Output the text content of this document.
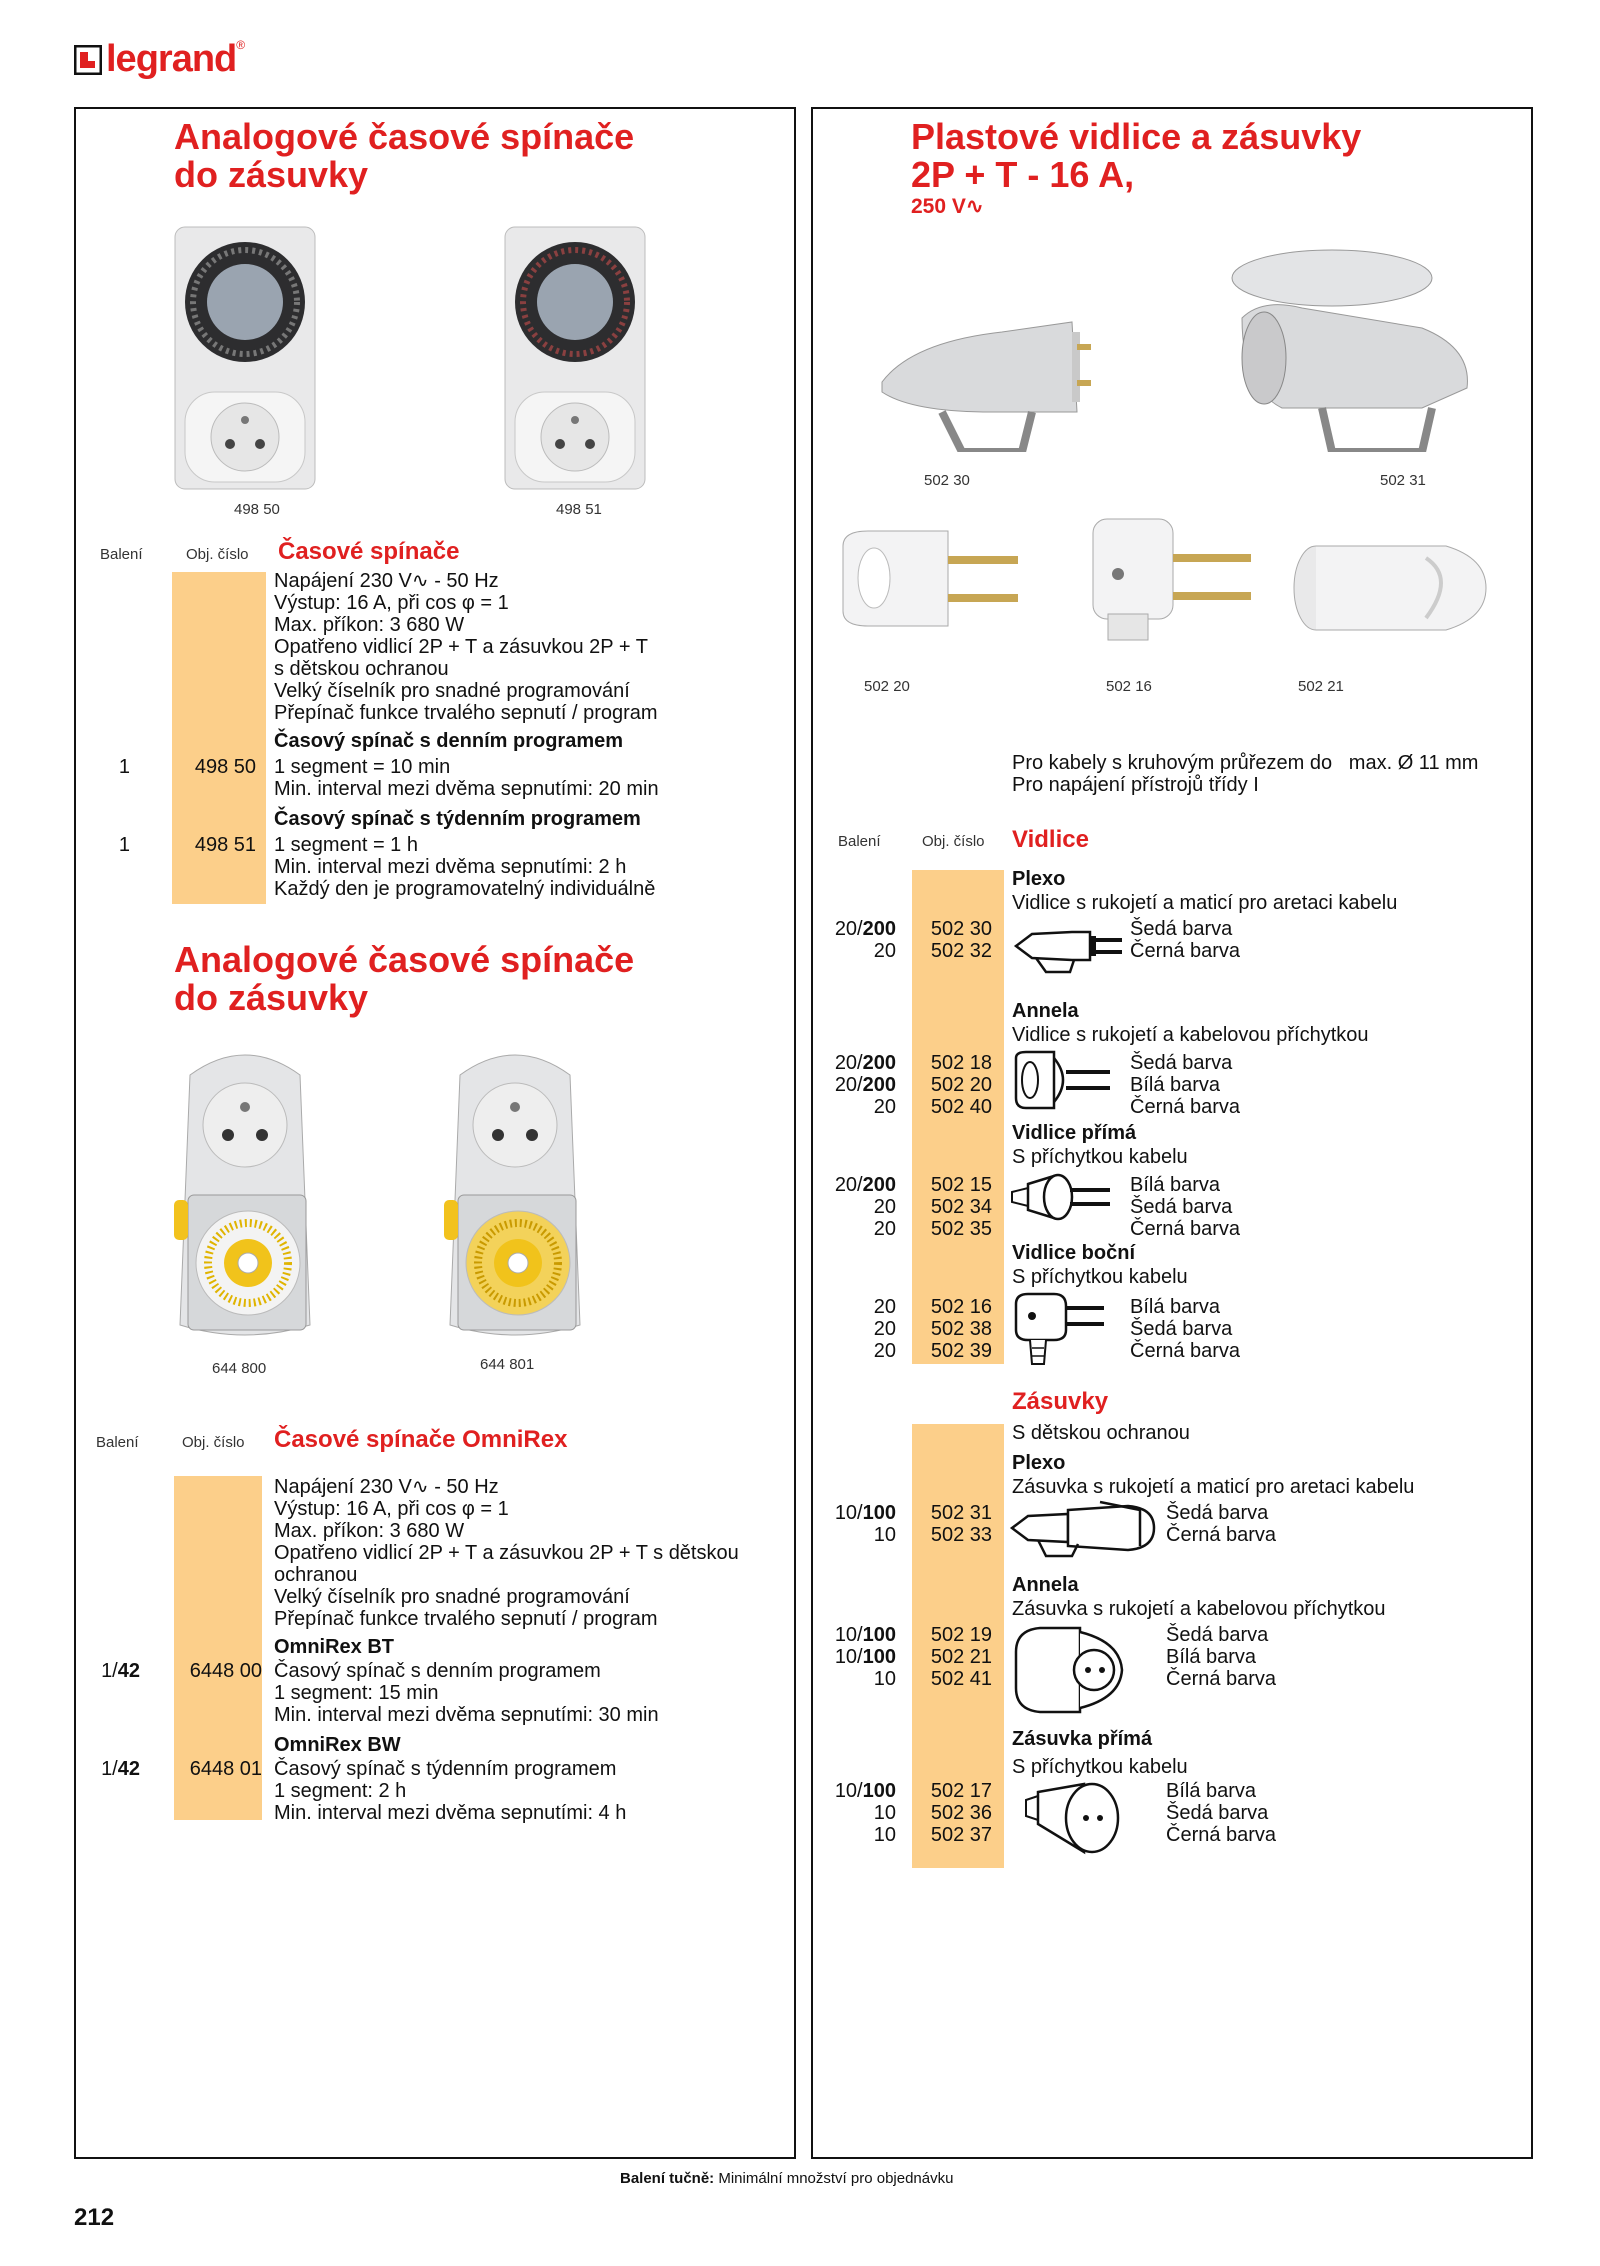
legrand ®
Analogové časové spínače
do zásuvky
498 50	498 51
Balení	Obj. číslo Časové spínače
Napájení 230 V∿ - 50 Hz
Výstup: 16 A, při cos φ = 1
Max. příkon: 3 680 W
Opatřeno vidlicí 2P + T a zásuvkou 2P + T
s dětskou ochranou
Velký číselník pro snadné programování
Přepínač funkce trvalého sepnutí / program
Časový spínač s denním programem
1	498 50 1 segment = 10 min
Min. interval mezi dvěma sepnutími: 20 min
Časový spínač s týdenním programem
1	498 51 1 segment = 1 h
Min. interval mezi dvěma sepnutími: 2 h
Každý den je programovatelný individuálně
Analogové časové spínače
do zásuvky
644 800	644 801
Balení	Obj. číslo Časové spínače OmniRex
Napájení 230 V∿ - 50 Hz
Výstup: 16 A, při cos φ = 1
Max. příkon: 3 680 W
Opatřeno vidlicí 2P + T a zásuvkou 2P + T s dětskou
ochranou
Velký číselník pro snadné programování
Přepínač funkce trvalého sepnutí / program
OmniRex BT
1/42	6448 00 Časový spínač s denním programem
1 segment: 15 min
Min. interval mezi dvěma sepnutími: 30 min
OmniRex BW
1/42	6448 01 Časový spínač s týdenním programem
1 segment: 2 h
Min. interval mezi dvěma sepnutími: 4 h
Plastové vidlice a zásuvky
2P + T - 16 A,
250 V∿
502 30	502 31
502 20	502 16	502 21
Pro kabely s kruhovým průřezem do   max. Ø 11 mm
Pro napájení přístrojů třídy I
Balení	Obj. číslo Vidlice
Plexo
Vidlice s rukojetí a maticí pro aretaci kabelu
Annela
Vidlice s rukojetí a kabelovou příchytkou
Vidlice přímá
S příchytkou kabelu
Vidlice boční
S příchytkou kabelu
Zásuvky
S dětskou ochranou
Plexo
Zásuvka s rukojetí a maticí pro aretaci kabelu
Annela
Zásuvka s rukojetí a kabelovou příchytkou
Zásuvka přímá
S příchytkou kabelu
20/200	502 30	Šedá barva
20	502 32	Černá barva
20/200	502 18	Šedá barva
20/200	502 20	Bílá barva
20	502 40	Černá barva
20/200	502 15	Bílá barva
20	502 34	Šedá barva
20	502 35	Černá barva
20	502 16	Bílá barva
20	502 38	Šedá barva
20	502 39	Černá barva
10/100	502 31	Šedá barva
10	502 33	Černá barva
10/100	502 19	Šedá barva
10/100	502 21	Bílá barva
10	502 41	Černá barva
10/100	502 17	Bílá barva
10	502 36	Šedá barva
10	502 37	Černá barva
Balení tučně: Minimální množství pro objednávku
212
